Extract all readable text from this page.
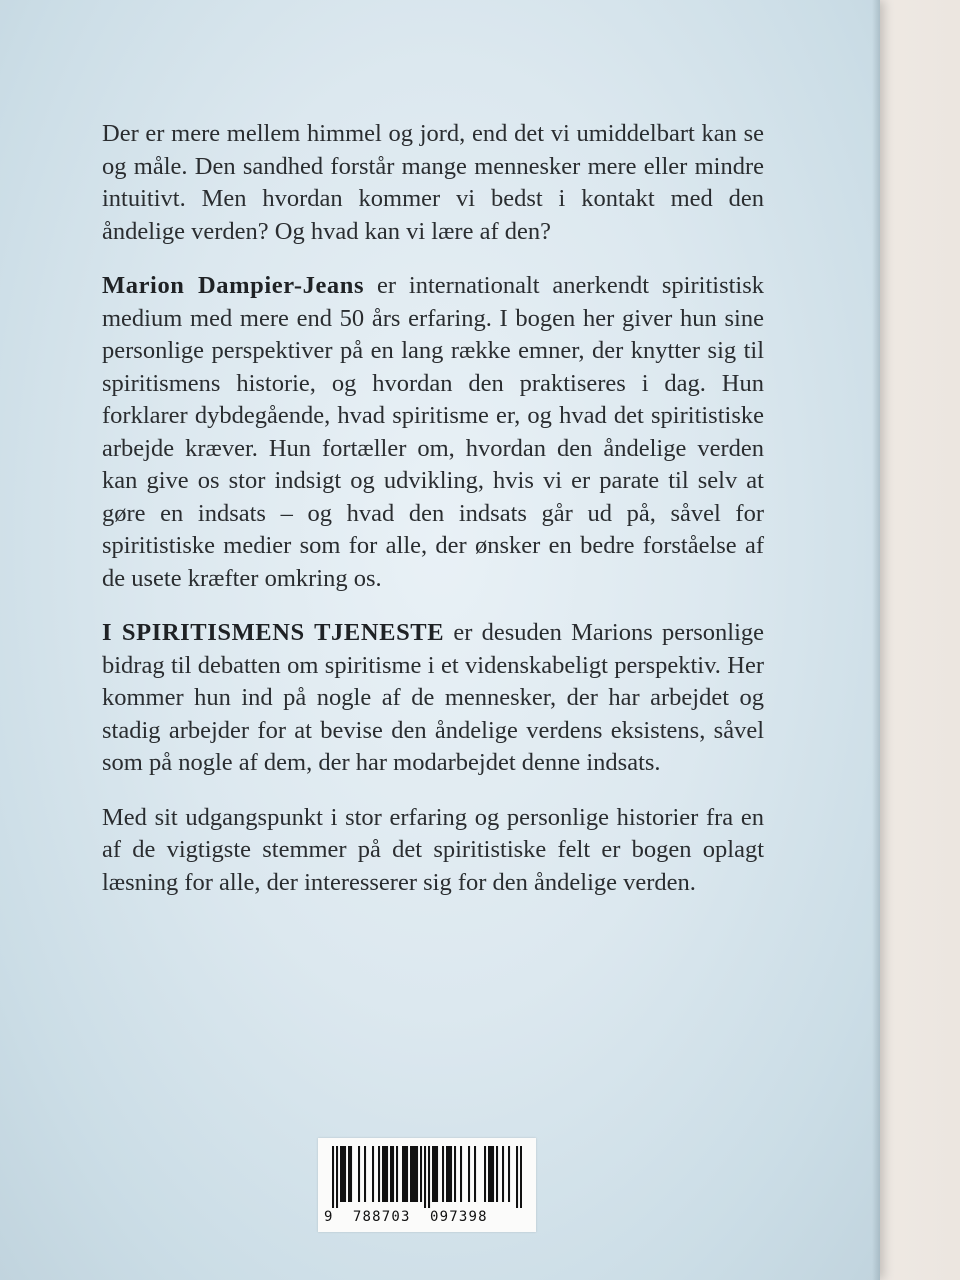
Der er mere mellem himmel og jord, end det vi umiddelbart kan se og måle. Den sandhed forstår mange mennesker mere eller mindre intuitivt. Men hvordan kommer vi bedst i kontakt med den åndelige verden? Og hvad kan vi lære af den?

Marion Dampier-Jeans er internationalt anerkendt spiritistisk medium med mere end 50 års erfaring. I bogen her giver hun sine personlige perspektiver på en lang række emner, der knytter sig til spiritismens historie, og hvordan den praktiseres i dag. Hun forklarer dybdegående, hvad spiritisme er, og hvad det spiritistiske arbejde kræver. Hun fortæller om, hvordan den åndelige verden kan give os stor indsigt og udvikling, hvis vi er parate til selv at gøre en indsats – og hvad den indsats går ud på, såvel for spiritistiske medier som for alle, der ønsker en bedre forståelse af de usete kræfter omkring os.

I SPIRITISMENS TJENESTE er desuden Marions personlige bidrag til debatten om spiritisme i et videnskabeligt perspektiv. Her kommer hun ind på nogle af de mennesker, der har arbejdet og stadig arbejder for at bevise den åndelige verdens eksistens, såvel som på nogle af dem, der har modarbejdet denne indsats.

Med sit udgangspunkt i stor erfaring og personlige historier fra en af de vigtigste stemmer på det spiritistiske felt er bogen oplagt læsning for alle, der interesserer sig for den åndelige verden.

9 788703 097398
